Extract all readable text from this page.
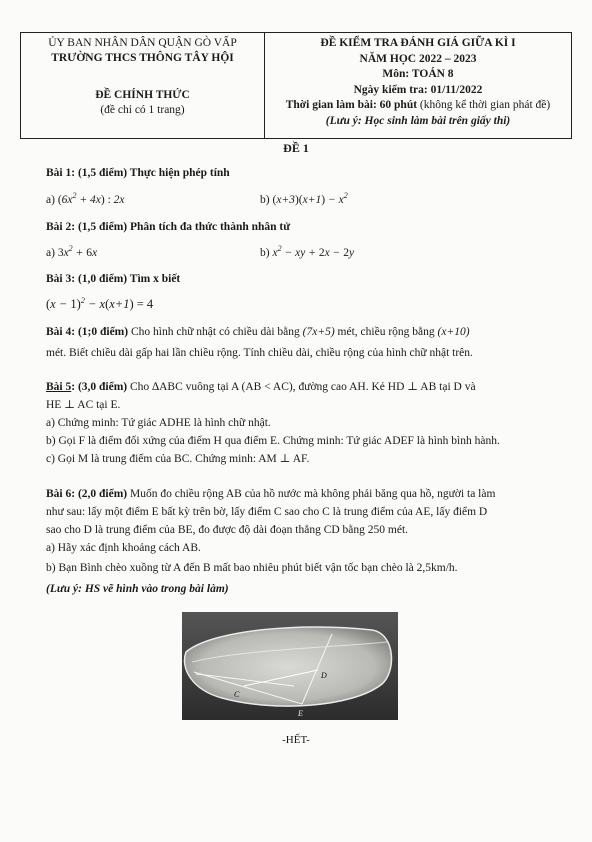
ỦY BAN NHÂN DÂN QUẬN GÒ VẤP
TRƯỜNG THCS THÔNG TÂY HỘI
ĐỀ CHÍNH THỨC
(đề chỉ có 1 trang)
ĐỀ KIỂM TRA ĐÁNH GIÁ GIỮA KÌ I
NĂM HỌC 2022 – 2023
Môn: TOÁN 8
Ngày kiểm tra: 01/11/2022
Thời gian làm bài: 60 phút (không kể thời gian phát đề)
(Lưu ý: Học sinh làm bài trên giấy thi)
ĐỀ 1
Bài 1: (1,5 điểm) Thực hiện phép tính
a) $(6x^2 + 4x)$ : 2x	b) $(x+3)(x+1) - x^2$
Bài 2: (1,5 điểm) Phân tích đa thức thành nhân tử
a) $3x^2 + 6x$	b) $x^2$ − xy + 2x − 2y
Bài 3: (1,0 điểm) Tìm x biết
$(x - 1)^2 - x(x+1) = 4$
Bài 4: (1;0 điểm) Cho hình chữ nhật có chiều dài bằng (7x+5) mét, chiều rộng bằng (x+10)
mét. Biết chiều dài gấp hai lần chiều rộng. Tính chiều dài, chiều rộng của hình chữ nhật trên.
Bài 5: (3,0 điểm) Cho ∆ABC vuông tại A (AB < AC), đường cao AH. Kẻ HD ⊥ AB tại D và
HE ⊥ AC tại E.
a) Chứng minh: Tứ giác ADHE là hình chữ nhật.
b) Gọi F là điểm đối xứng của điểm H qua điểm E. Chứng minh: Tứ giác ADEF là hình bình hành.
c) Gọi M là trung điểm của BC. Chứng minh: AM ⊥ AF.
Bài 6: (2,0 điểm) Muốn đo chiều rộng AB của hồ nước mà không phải băng qua hồ, người ta làm
như sau: lấy một điểm E bất kỳ trên bờ, lấy điểm C sao cho C là trung điểm của AE, lấy điểm D
sao cho D là trung điểm của BE, đo được độ dài đoạn thẳng CD bằng 250 mét.
a) Hãy xác định khoảng cách AB.
b) Bạn Bình chèo xuồng từ A đến B mất bao nhiêu phút biết vận tốc bạn chèo là 2,5km/h.
(Lưu ý: HS vẽ hình vào trong bài làm)
C
D
E
-HẾT-
